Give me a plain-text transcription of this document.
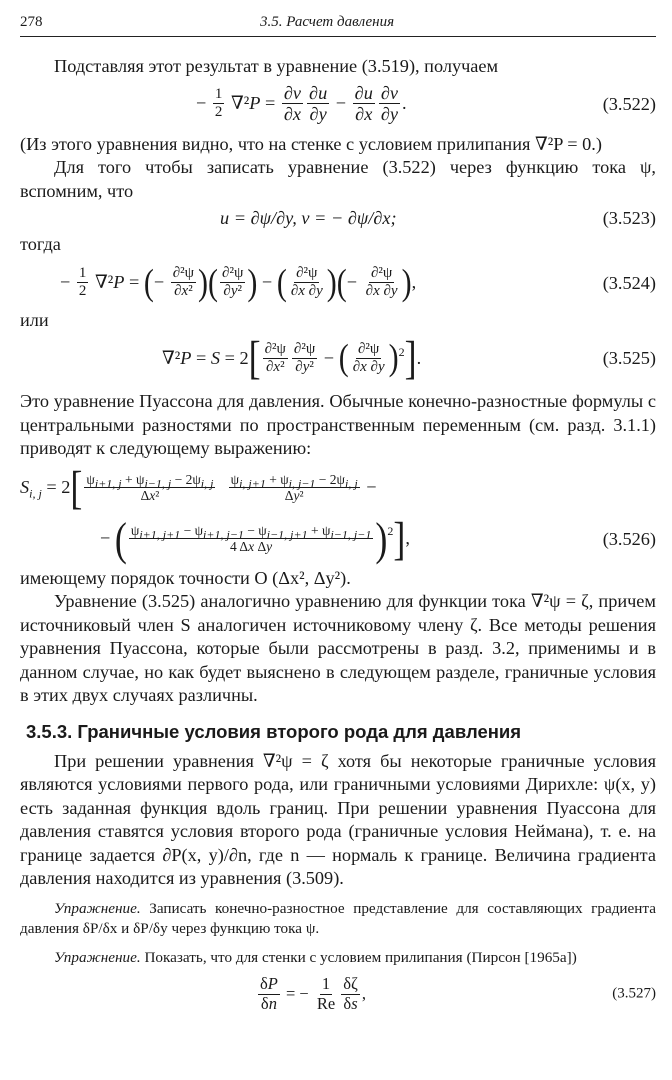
278	3.5. Расчет давления

Подставляя этот результат в уравнение (3.519), получаем

− $\frac{1}{2} \nabla^2P = \frac{\partial v}{\partial x} \partial u$
∂y
− $\frac{\partial u}{\partial x} \partial v$
∂y
.	(3.522)

(Из этого уравнения видно, что на стенке с условием прилипания ∇²P = 0.)

Для того чтобы записать уравнение (3.522) через функцию тока ψ, вспомним, что

u = ∂ψ/∂y, v = − ∂ψ/∂x;	(3.523)

тогда

− $\frac{1}{2} \nabla^2P$ = ( − $\frac{\text{∂²ψ}}{\text{∂x²}}$ ) ( ∂²ψ
∂y² ) − ( ∂²ψ
∂x ∂y ) ( − $\frac{\text{∂²ψ}}{\partial x \partial y}$ ) ,	(3.524)

или

∇²P = S = 2 [ ∂²ψ
∂x²
∂²ψ
∂y² − ( ∂²ψ
∂x ∂y )$^2$ ] .	(3.525)

Это уравнение Пуассона для давления. Обычные конечно-разностные формулы с центральными разностями по пространственным переменным (см. разд. 3.1.1) приводят к следующему выражению:

$S_{i, j} = 2$ [ $\psi_{i+1, j} + \psi_{i-1, j} - 2\psi_{i, j}$
Δx²

$\psi_{i, j+1} + \psi_{i, j-1} - 2\psi_{i, j}$
Δy²	−
− ( $\psi_{i+1, j+1} - \psi_{i+1, j-1} - \psi_{i-1, j+1} + \psi_{i-1, j-1}$
4 Δx Δy	)$^2$ ] ,	(3.526)

имеющему порядок точности O (Δx², Δy²).

Уравнение (3.525) аналогично уравнению для функции тока ∇²ψ = ζ, причем источниковый член S аналогичен источниковому члену ζ. Все методы решения уравнения Пуассона, которые были рассмотрены в разд. 3.2, применимы и в данном случае, но как будет выяснено в следующем разделе, граничные условия в этих двух случаях различны.

3.5.3. Граничные условия второго рода для давления

При решении уравнения ∇²ψ = ζ хотя бы некоторые граничные условия являются условиями первого рода, или граничными условиями Дирихле: ψ(x, y) есть заданная функция вдоль границ. При решении уравнения Пуассона для давления ставятся условия второго рода (граничные условия Неймана), т. е. на границе задается ∂P(x, y)/∂n, где n — нормаль к границе. Величина градиента давления находится из уравнения (3.509).

Упражнение. Записать конечно-разностное представление для составляющих градиента давления δP/δx и δP/δy через функцию тока ψ.

Упражнение. Показать, что для стенки с условием прилипания (Пирсон [1965a])

$\frac{\delta P}{\delta n}$ = − $\frac{1}{Re}$ δζ
δs
,	(3.527)
